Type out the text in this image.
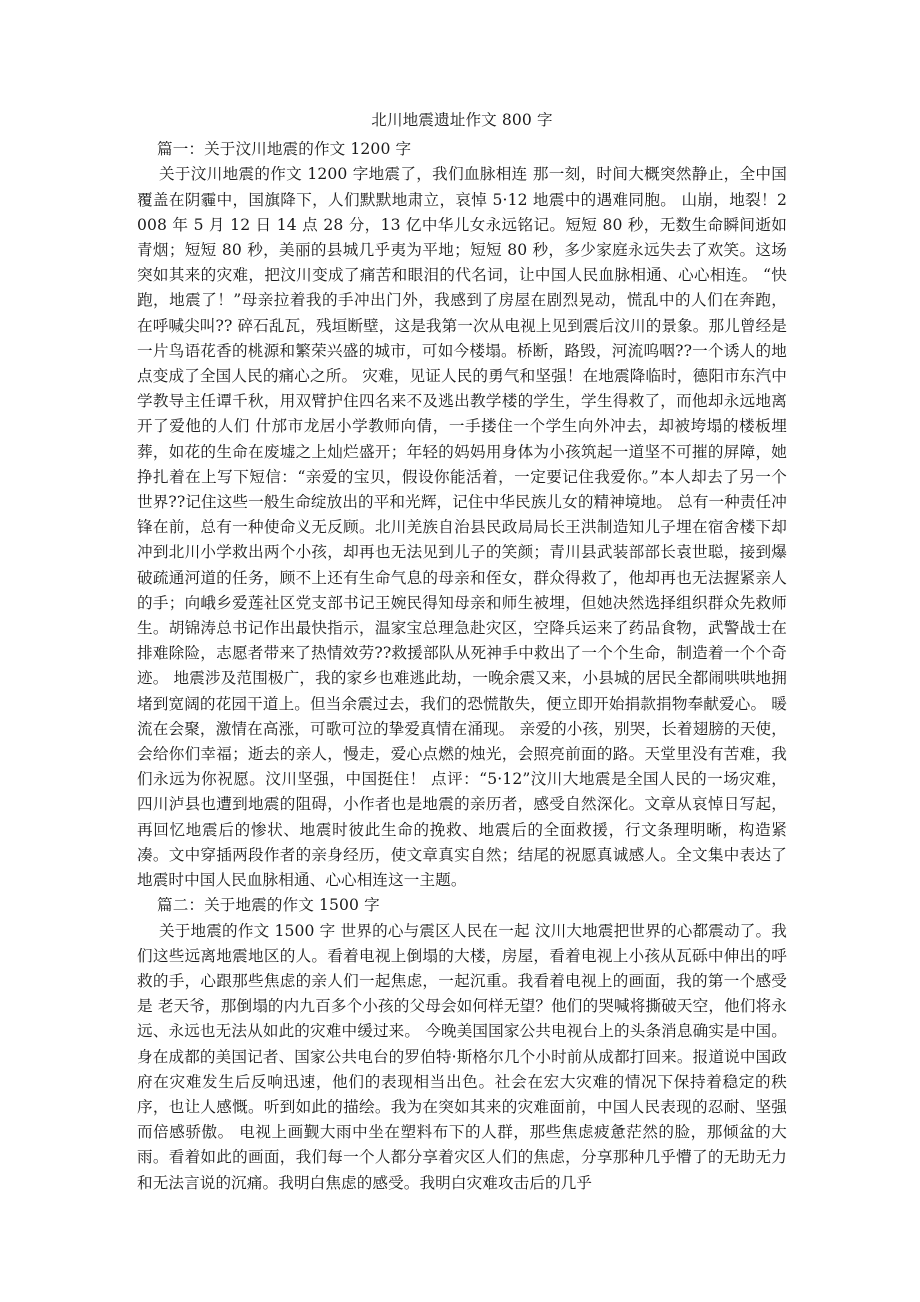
北川地震遗址作文 800 字

篇一：关于汶川地震的作文 1200 字

关于汶川地震的作文 1200 字地震了，我们血脉相连 那一刻，时间大概突然静止，全中国覆盖在阴霾中，国旗降下，人们默默地肃立，哀悼 5·12 地震中的遇难同胞。 山崩，地裂！2008 年 5 月 12 日 14 点 28 分，13 亿中华儿女永远铭记。短短 80 秒，无数生命瞬间逝如青烟；短短 80 秒，美丽的县城几乎夷为平地；短短 80 秒，多少家庭永远失去了欢笑。这场突如其来的灾难，把汶川变成了痛苦和眼泪的代名词，让中国人民血脉相通、心心相连。 “快跑，地震了！”母亲拉着我的手冲出门外，我感到了房屋在剧烈晃动，慌乱中的人们在奔跑，在呼喊尖叫?? 碎石乱瓦，残垣断壁，这是我第一次从电视上见到震后汶川的景象。那儿曾经是一片鸟语花香的桃源和繁荣兴盛的城市，可如今楼塌。桥断，路毁，河流呜咽??一个诱人的地点变成了全国人民的痛心之所。 灾难，见证人民的勇气和坚强！在地震降临时，德阳市东汽中学教导主任谭千秋，用双臂护住四名来不及逃出教学楼的学生，学生得救了，而他却永远地离开了爱他的人们 什邡市龙居小学教师向倩，一手搂住一个学生向外冲去，却被垮塌的楼板埋葬，如花的生命在废墟之上灿烂盛开；年轻的妈妈用身体为小孩筑起一道坚不可摧的屏障，她挣扎着在上写下短信：“亲爱的宝贝，假设你能活着，一定要记住我爱你。”本人却去了另一个世界??记住这些一般生命绽放出的平和光辉，记住中华民族儿女的精神境地。 总有一种责任冲锋在前，总有一种使命义无反顾。北川羌族自治县民政局局长王洪制造知儿子埋在宿舍楼下却冲到北川小学救出两个小孩，却再也无法见到儿子的笑颜；青川县武装部部长袁世聪，接到爆破疏通河道的任务，顾不上还有生命气息的母亲和侄女，群众得救了，他却再也无法握紧亲人的手；向峨乡爱莲社区党支部书记王婉民得知母亲和师生被埋，但她决然选择组织群众先救师生。胡锦涛总书记作出最快指示，温家宝总理急赴灾区，空降兵运来了药品食物，武警战士在排难除险，志愿者带来了热情效劳??救援部队从死神手中救出了一个个生命，制造着一个个奇迹。 地震涉及范围极广，我的家乡也难逃此劫，一晚余震又来，小县城的居民全都闹哄哄地拥堵到宽阔的花园干道上。但当余震过去，我们的恐慌散失，便立即开始捐款捐物奉献爱心。 暖流在会聚，激情在高涨，可歌可泣的挚爱真情在涌现。 亲爱的小孩，别哭，长着翅膀的天使，会给你们幸福；逝去的亲人，慢走，爱心点燃的烛光，会照亮前面的路。天堂里没有苦难，我们永远为你祝愿。汶川坚强，中国挺住！ 点评：“5·12”汶川大地震是全国人民的一场灾难，四川泸县也遭到地震的阻碍，小作者也是地震的亲历者，感受自然深化。文章从哀悼日写起，再回忆地震后的惨状、地震时彼此生命的挽救、地震后的全面救援，行文条理明晰，构造紧凑。文中穿插两段作者的亲身经历，使文章真实自然；结尾的祝愿真诚感人。全文集中表达了地震时中国人民血脉相通、心心相连这一主题。

篇二：关于地震的作文 1500 字

关于地震的作文 1500 字 世界的心与震区人民在一起 汶川大地震把世界的心都震动了。我们这些远离地震地区的人。看着电视上倒塌的大楼，房屋，看着电视上小孩从瓦砾中伸出的呼救的手，心跟那些焦虑的亲人们一起焦虑，一起沉重。我看着电视上的画面，我的第一个感受是 老天爷，那倒塌的内九百多个小孩的父母会如何样无望？他们的哭喊将撕破天空，他们将永远、永远也无法从如此的灾难中缓过来。 今晚美国国家公共电视台上的头条消息确实是中国。身在成都的美国记者、国家公共电台的罗伯特·斯格尔几个小时前从成都打回来。报道说中国政府在灾难发生后反响迅速，他们的表现相当出色。社会在宏大灾难的情况下保持着稳定的秩序，也让人感慨。听到如此的描绘。我为在突如其来的灾难面前，中国人民表现的忍耐、坚强而倍感骄傲。 电视上画觐大雨中坐在塑料布下的人群，那些焦虑疲惫茫然的脸，那倾盆的大雨。看着如此的画面，我们每一个人都分享着灾区人们的焦虑，分享那种几乎懵了的无助无力和无法言说的沉痛。我明白焦虑的感受。我明白灾难攻击后的几乎
